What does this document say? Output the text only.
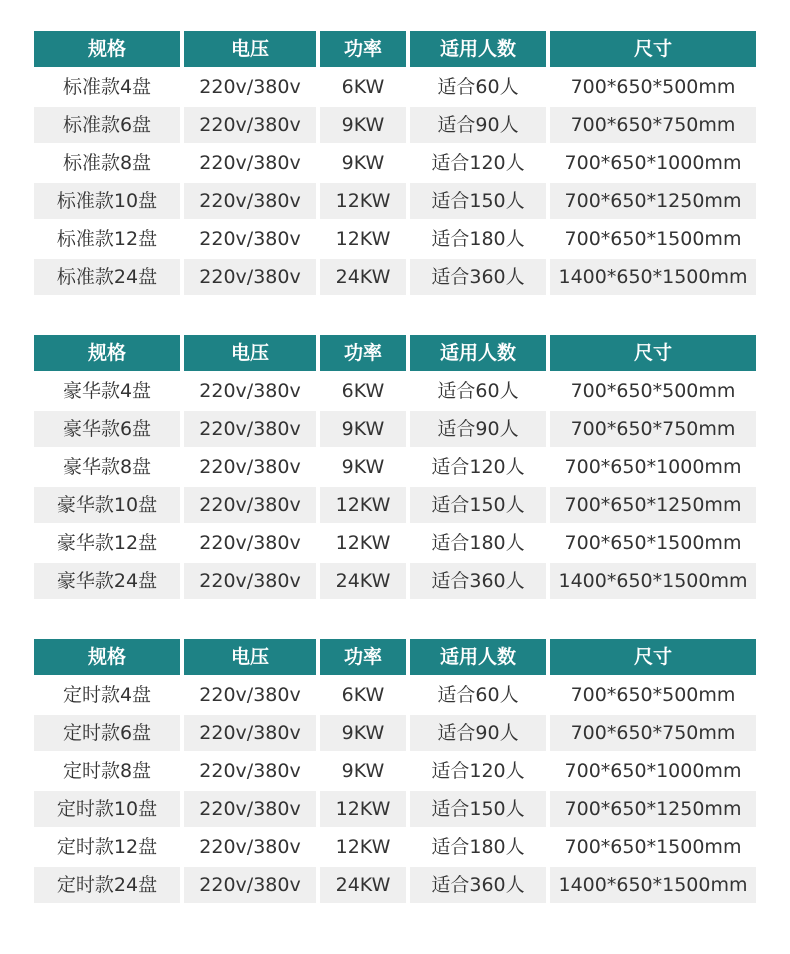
规格	电压	功率	适用人数	尺寸
标准款4盘	220v/380v	6KW	适合60人	700*650*500mm
标准款6盘	220v/380v	9KW	适合90人	700*650*750mm
标准款8盘	220v/380v	9KW	适合120人	700*650*1000mm
标准款10盘	220v/380v	12KW	适合150人	700*650*1250mm
标准款12盘	220v/380v	12KW	适合180人	700*650*1500mm
标准款24盘	220v/380v	24KW	适合360人	1400*650*1500mm
规格	电压	功率	适用人数	尺寸
豪华款4盘	220v/380v	6KW	适合60人	700*650*500mm
豪华款6盘	220v/380v	9KW	适合90人	700*650*750mm
豪华款8盘	220v/380v	9KW	适合120人	700*650*1000mm
豪华款10盘	220v/380v	12KW	适合150人	700*650*1250mm
豪华款12盘	220v/380v	12KW	适合180人	700*650*1500mm
豪华款24盘	220v/380v	24KW	适合360人	1400*650*1500mm
规格	电压	功率	适用人数	尺寸
定时款4盘	220v/380v	6KW	适合60人	700*650*500mm
定时款6盘	220v/380v	9KW	适合90人	700*650*750mm
定时款8盘	220v/380v	9KW	适合120人	700*650*1000mm
定时款10盘	220v/380v	12KW	适合150人	700*650*1250mm
定时款12盘	220v/380v	12KW	适合180人	700*650*1500mm
定时款24盘	220v/380v	24KW	适合360人	1400*650*1500mm
